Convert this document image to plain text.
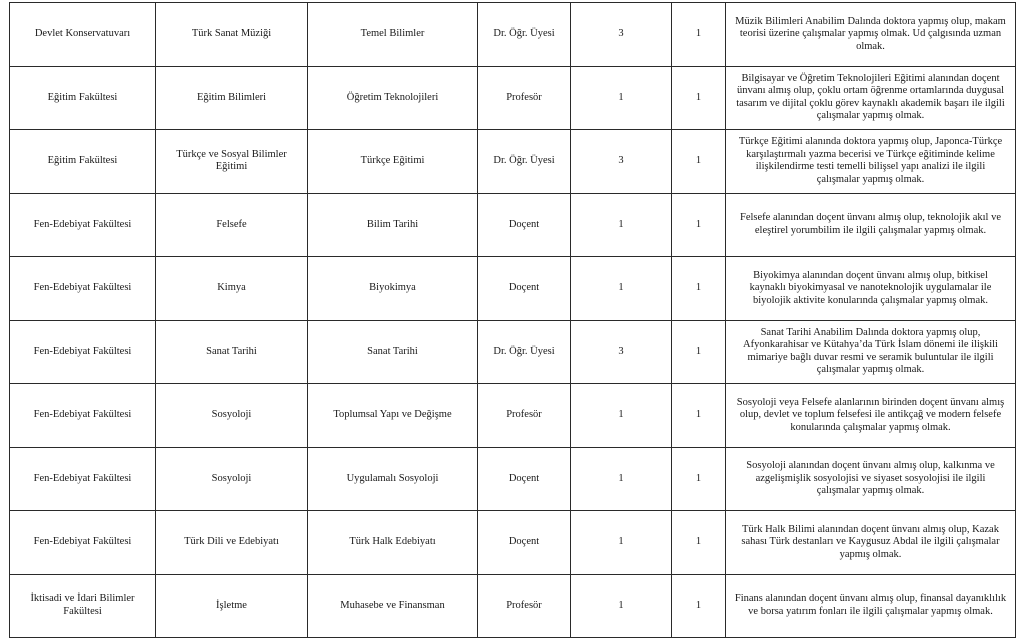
Devlet Konservatuvarı	Türk Sanat Müziği	Temel Bilimler	Dr. Öğr. Üyesi	3	1	Müzik Bilimleri Anabilim Dalında doktora yapmış olup, makam teorisi üzerine çalışmalar yapmış olmak. Ud çalgısında uzman olmak.
Eğitim Fakültesi	Eğitim Bilimleri	Öğretim Teknolojileri	Profesör	1	1	Bilgisayar ve Öğretim Teknolojileri Eğitimi alanından doçent ünvanı almış olup, çoklu ortam öğrenme ortamlarında duygusal tasarım ve dijital çoklu görev kaynaklı akademik başarı ile ilgili çalışmalar yapmış olmak.
Eğitim Fakültesi	Türkçe ve Sosyal Bilimler Eğitimi	Türkçe Eğitimi	Dr. Öğr. Üyesi	3	1	Türkçe Eğitimi alanında doktora yapmış olup, Japonca-Türkçe karşılaştırmalı yazma becerisi ve Türkçe eğitiminde kelime ilişkilendirme testi temelli bilişsel yapı analizi ile ilgili çalışmalar yapmış olmak.
Fen-Edebiyat Fakültesi	Felsefe	Bilim Tarihi	Doçent	1	1	Felsefe alanından doçent ünvanı almış olup, teknolojik akıl ve eleştirel yorumbilim ile ilgili çalışmalar yapmış olmak.
Fen-Edebiyat Fakültesi	Kimya	Biyokimya	Doçent	1	1	Biyokimya alanından doçent ünvanı almış olup, bitkisel kaynaklı biyokimyasal ve nanoteknolojik uygulamalar ile biyolojik aktivite konularında çalışmalar yapmış olmak.
Fen-Edebiyat Fakültesi	Sanat Tarihi	Sanat Tarihi	Dr. Öğr. Üyesi	3	1	Sanat Tarihi Anabilim Dalında doktora yapmış olup, Afyonkarahisar ve Kütahya’da Türk İslam dönemi ile ilişkili mimariye bağlı duvar resmi ve seramik buluntular ile ilgili çalışmalar yapmış olmak.
Fen-Edebiyat Fakültesi	Sosyoloji	Toplumsal Yapı ve Değişme	Profesör	1	1	Sosyoloji veya Felsefe alanlarının birinden doçent ünvanı almış olup, devlet ve toplum felsefesi ile antikçağ ve modern felsefe konularında çalışmalar yapmış olmak.
Fen-Edebiyat Fakültesi	Sosyoloji	Uygulamalı Sosyoloji	Doçent	1	1	Sosyoloji alanından doçent ünvanı almış olup, kalkınma ve azgelişmişlik sosyolojisi ve siyaset sosyolojisi ile ilgili çalışmalar yapmış olmak.
Fen-Edebiyat Fakültesi	Türk Dili ve Edebiyatı	Türk Halk Edebiyatı	Doçent	1	1	Türk Halk Bilimi alanından doçent ünvanı almış olup, Kazak sahası Türk destanları ve Kaygusuz Abdal ile ilgili çalışmalar yapmış olmak.
İktisadi ve İdari Bilimler Fakültesi	İşletme	Muhasebe ve Finansman	Profesör	1	1	Finans alanından doçent ünvanı almış olup, finansal dayanıklılık ve borsa yatırım fonları ile ilgili çalışmalar yapmış olmak.
